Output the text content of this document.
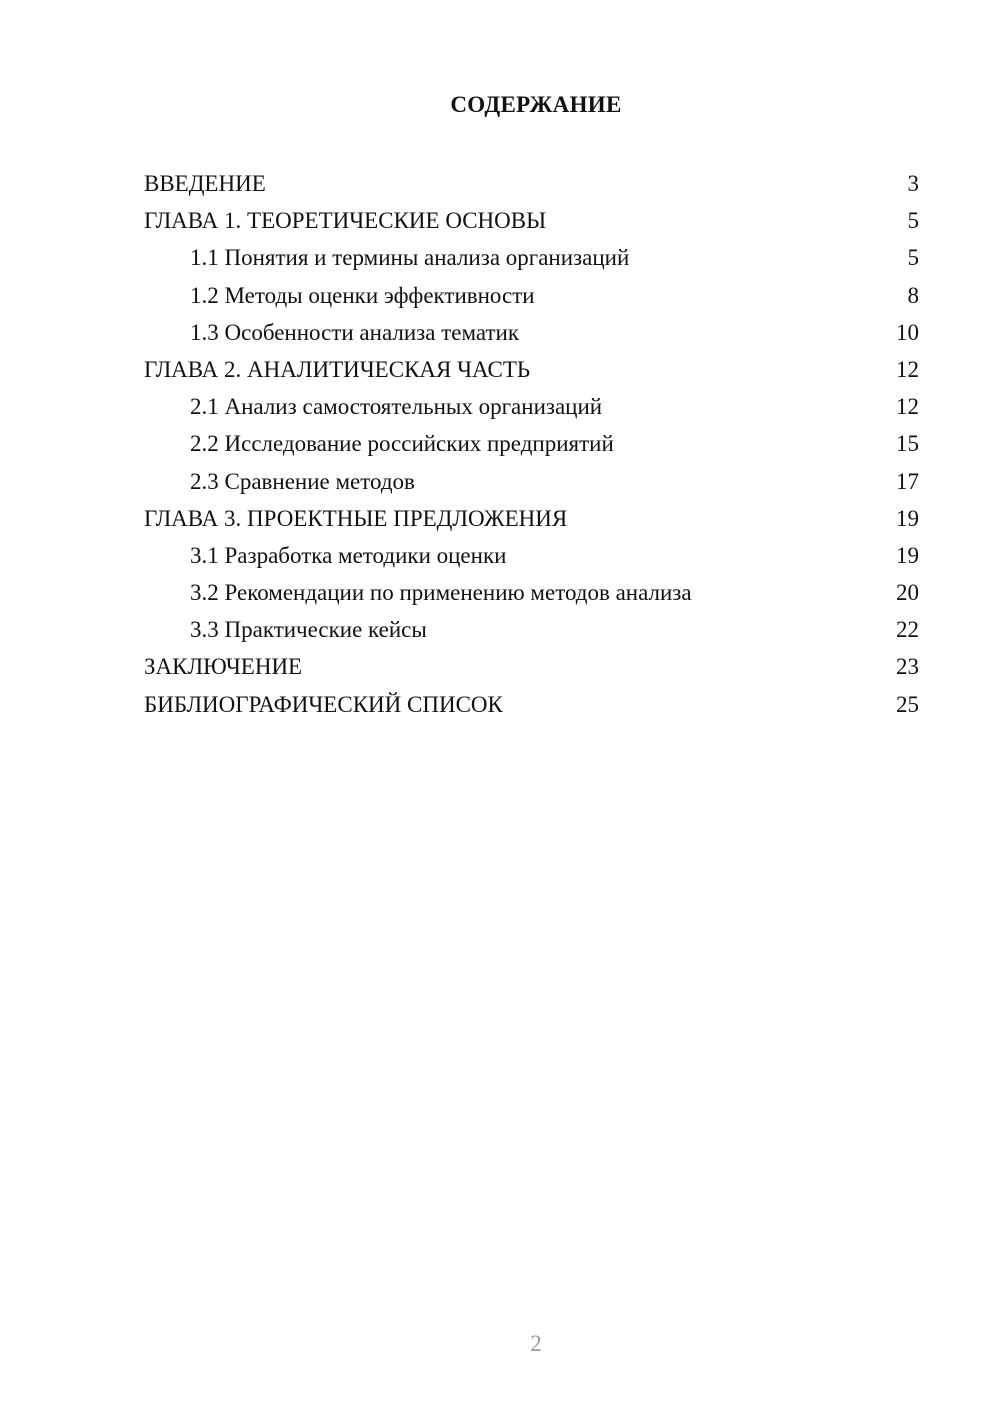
СОДЕРЖАНИЕ
ВВЕДЕНИЕ	3
ГЛАВА 1. ТЕОРЕТИЧЕСКИЕ ОСНОВЫ	5
1.1 Понятия и термины анализа организаций	5
1.2 Методы оценки эффективности	8
1.3 Особенности анализа тематик	10
ГЛАВА 2. АНАЛИТИЧЕСКАЯ ЧАСТЬ	12
2.1 Анализ самостоятельных организаций	12
2.2 Исследование российских предприятий	15
2.3 Сравнение методов	17
ГЛАВА 3. ПРОЕКТНЫЕ ПРЕДЛОЖЕНИЯ	19
3.1 Разработка методики оценки	19
3.2 Рекомендации по применению методов анализа	20
3.3 Практические кейсы	22
ЗАКЛЮЧЕНИЕ	23
БИБЛИОГРАФИЧЕСКИЙ СПИСОК	25
2
